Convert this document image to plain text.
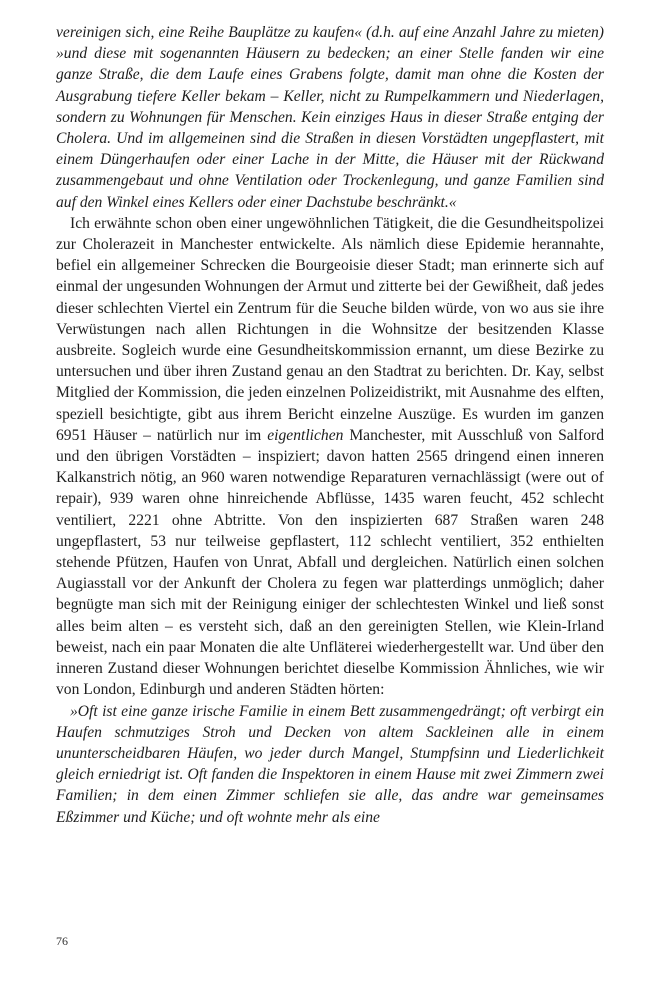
vereinigen sich, eine Reihe Bauplätze zu kaufen« (d.h. auf eine Anzahl Jahre zu mieten) »und diese mit sogenannten Häusern zu bedecken; an einer Stelle fanden wir eine ganze Straße, die dem Laufe eines Grabens folgte, damit man ohne die Kosten der Ausgrabung tiefere Keller bekam – Keller, nicht zu Rumpelkammern und Niederlagen, sondern zu Wohnungen für Menschen. Kein einziges Haus in dieser Straße entging der Cholera. Und im allgemeinen sind die Straßen in diesen Vorstädten ungepflastert, mit einem Düngerhaufen oder einer Lache in der Mitte, die Häuser mit der Rückwand zusammengebaut und ohne Ventilation oder Trockenlegung, und ganze Familien sind auf den Winkel eines Kellers oder einer Dachstube beschränkt.«

Ich erwähnte schon oben einer ungewöhnlichen Tätigkeit, die die Gesundheitspolizei zur Cholerazeit in Manchester entwickelte. Als nämlich diese Epidemie herannahte, befiel ein allgemeiner Schrecken die Bourgeoisie dieser Stadt; man erinnerte sich auf einmal der ungesunden Wohnungen der Armut und zitterte bei der Gewißheit, daß jedes dieser schlechten Viertel ein Zentrum für die Seuche bilden würde, von wo aus sie ihre Verwüstungen nach allen Richtungen in die Wohnsitze der besitzenden Klasse ausbreite. Sogleich wurde eine Gesundheitskommission ernannt, um diese Bezirke zu untersuchen und über ihren Zustand genau an den Stadtrat zu berichten. Dr. Kay, selbst Mitglied der Kommission, die jeden einzelnen Polizeidistrikt, mit Ausnahme des elften, speziell besichtigte, gibt aus ihrem Bericht einzelne Auszüge. Es wurden im ganzen 6951 Häuser – natürlich nur im eigentlichen Manchester, mit Ausschluß von Salford und den übrigen Vorstädten – inspiziert; davon hatten 2565 dringend einen inneren Kalkanstrich nötig, an 960 waren notwendige Reparaturen vernachlässigt (were out of repair), 939 waren ohne hinreichende Abflüsse, 1435 waren feucht, 452 schlecht ventiliert, 2221 ohne Abtritte. Von den inspizierten 687 Straßen waren 248 ungepflastert, 53 nur teilweise gepflastert, 112 schlecht ventiliert, 352 enthielten stehende Pfützen, Haufen von Unrat, Abfall und dergleichen. Natürlich einen solchen Augiasstall vor der Ankunft der Cholera zu fegen war platterdings unmöglich; daher begnügte man sich mit der Reinigung einiger der schlechtesten Winkel und ließ sonst alles beim alten – es versteht sich, daß an den gereinigten Stellen, wie Klein-Irland beweist, nach ein paar Monaten die alte Unfläterei wiederhergestellt war. Und über den inneren Zustand dieser Wohnungen berichtet dieselbe Kommission Ähnliches, wie wir von London, Edinburgh und anderen Städten hörten:

»Oft ist eine ganze irische Familie in einem Bett zusammengedrängt; oft verbirgt ein Haufen schmutziges Stroh und Decken von altem Sackleinen alle in einem ununterscheidbaren Häufen, wo jeder durch Mangel, Stumpfsinn und Liederlichkeit gleich erniedrigt ist. Oft fanden die Inspektoren in einem Hause mit zwei Zimmern zwei Familien; in dem einen Zimmer schliefen sie alle, das andre war gemeinsames Eßzimmer und Küche; und oft wohnte mehr als eine

76
